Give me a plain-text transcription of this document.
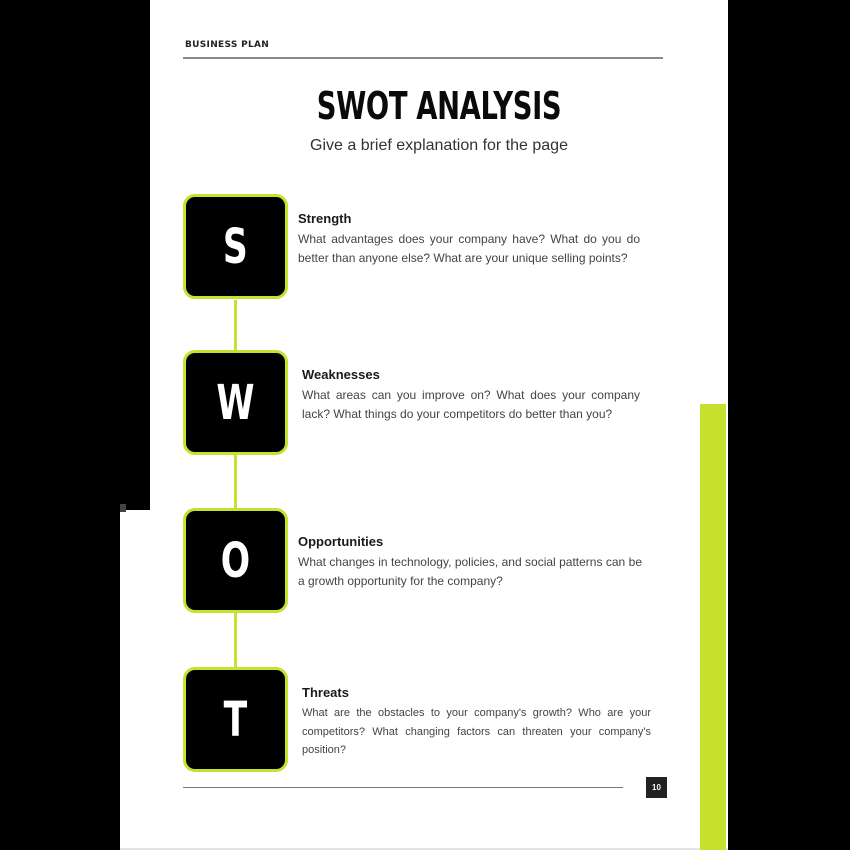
BUSINESS PLAN
SWOT ANALYSIS
Give a brief explanation for the page
S	Strength
What advantages does your company have? What do you do better than anyone else? What are your unique selling points?
W	Weaknesses
What areas can you improve on? What does your company lack? What things do your competitors do better than you?
O	Opportunities
What changes in technology, policies, and social patterns can be a growth opportunity for the company?
T	Threats
What are the obstacles to your company's growth? Who are your competitors? What changing factors can threaten your company's position?
10
